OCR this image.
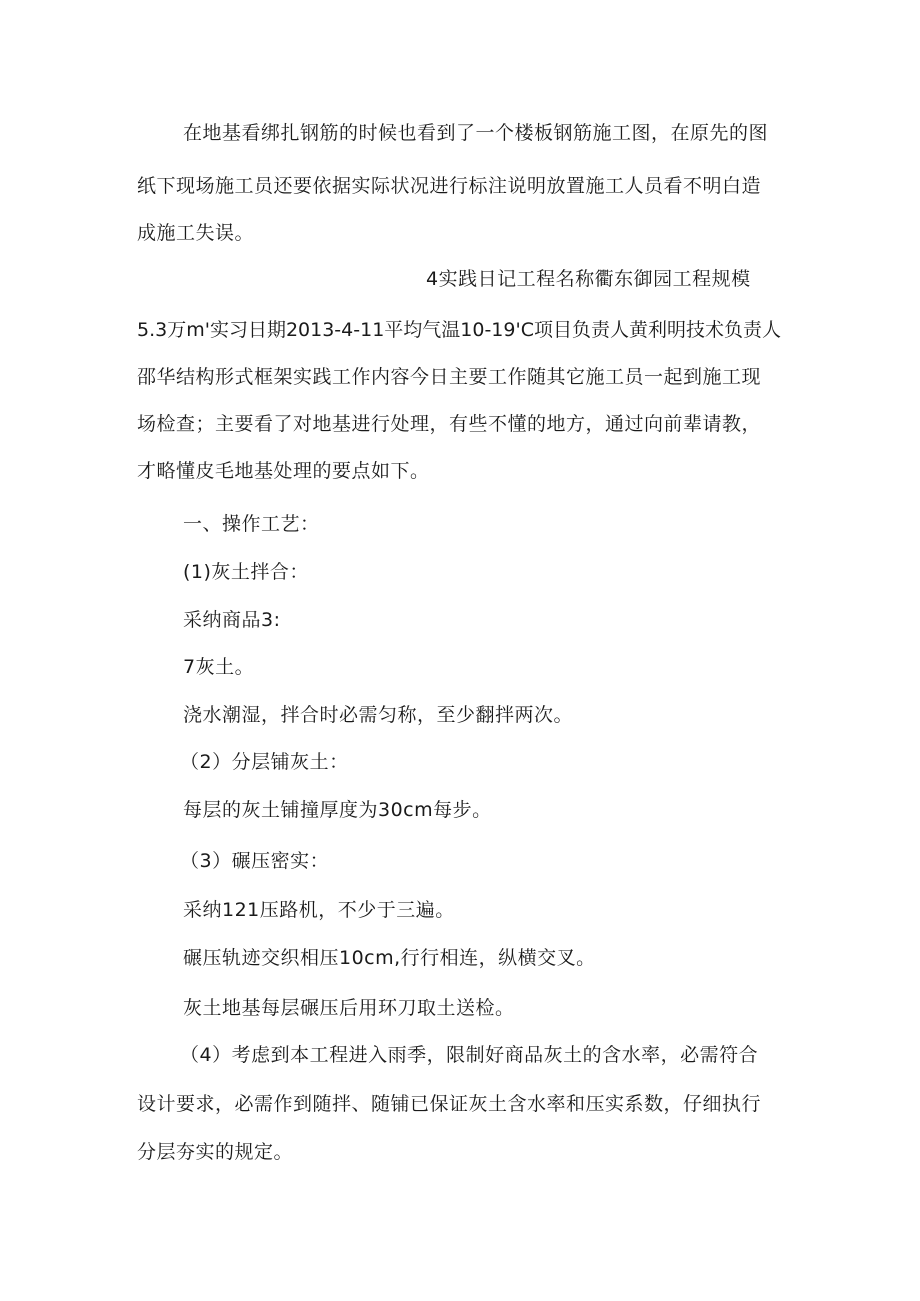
在地基看绑扎钢筋的时候也看到了一个楼板钢筋施工图，在原先的图
纸下现场施工员还要依据实际状况进行标注说明放置施工人员看不明白造
成施工失误。
4实践日记工程名称衢东御园工程规模
5.3万m'实习日期2013-4-11平均气温10-19'C项目负责人黄利明技术负责人
邵华结构形式框架实践工作内容今日主要工作随其它施工员一起到施工现
场检查；主要看了对地基进行处理，有些不懂的地方，通过向前辈请教，
才略懂皮毛地基处理的要点如下。
一、操作工艺：
(1)灰土拌合：
采纳商品3:
7灰土。
浇水潮湿，拌合时必需匀称，至少翻拌两次。
（2）分层铺灰土：
每层的灰土铺撞厚度为30cm每步。
（3）碾压密实：
采纳121压路机，不少于三遍。
碾压轨迹交织相压10cm,行行相连，纵横交叉。
灰土地基每层碾压后用环刀取土送检。
（4）考虑到本工程进入雨季，限制好商品灰土的含水率，必需符合
设计要求，必需作到随拌、随铺已保证灰土含水率和压实系数，仔细执行
分层夯实的规定。
